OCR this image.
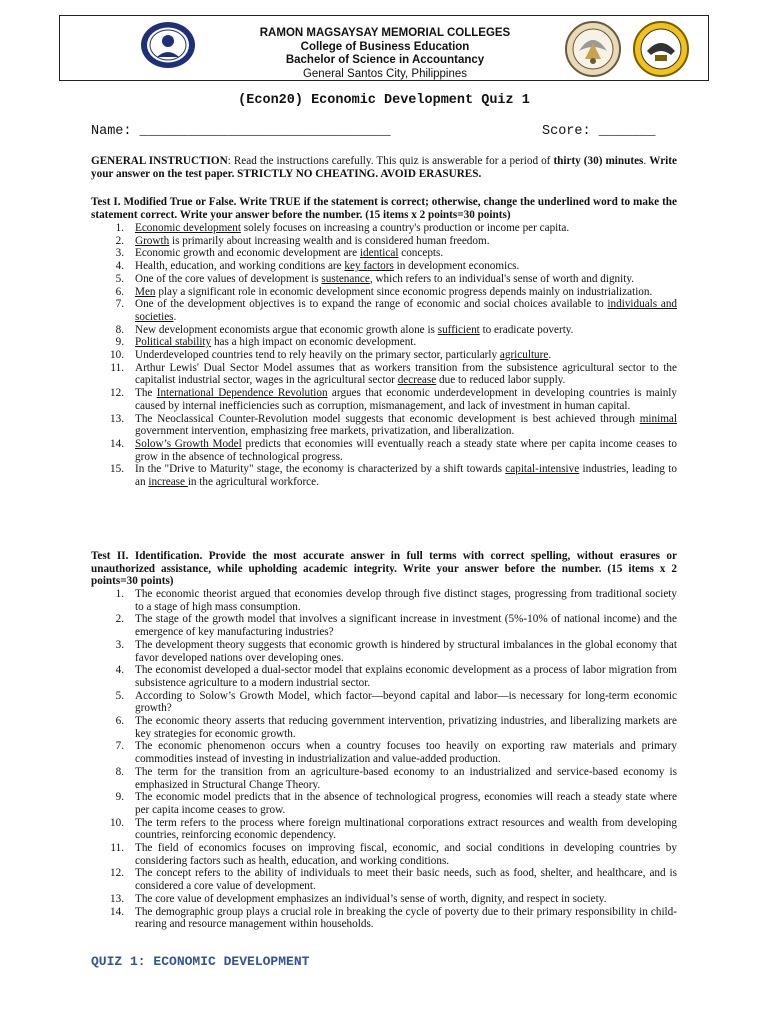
RAMON MAGSAYSAY MEMORIAL COLLEGES
College of Business Education
Bachelor of Science in Accountancy
General Santos City, Philippines
(Econ20) Economic Development Quiz 1
Name: _______________________________	Score: _______
GENERAL INSTRUCTION: Read the instructions carefully. This quiz is answerable for a period of thirty (30) minutes. Write your answer on the test paper. STRICTLY NO CHEATING. AVOID ERASURES.
Test I. Modified True or False. Write TRUE if the statement is correct; otherwise, change the underlined word to make the statement correct. Write your answer before the number. (15 items x 2 points=30 points)
1. Economic development solely focuses on increasing a country's production or income per capita.
2. Growth is primarily about increasing wealth and is considered human freedom.
3. Economic growth and economic development are identical concepts.
4. Health, education, and working conditions are key factors in development economics.
5. One of the core values of development is sustenance, which refers to an individual's sense of worth and dignity.
6. Men play a significant role in economic development since economic progress depends mainly on industrialization.
7. One of the development objectives is to expand the range of economic and social choices available to individuals and societies.
8. New development economists argue that economic growth alone is sufficient to eradicate poverty.
9. Political stability has a high impact on economic development.
10. Underdeveloped countries tend to rely heavily on the primary sector, particularly agriculture.
11. Arthur Lewis' Dual Sector Model assumes that as workers transition from the subsistence agricultural sector to the capitalist industrial sector, wages in the agricultural sector decrease due to reduced labor supply.
12. The International Dependence Revolution argues that economic underdevelopment in developing countries is mainly caused by internal inefficiencies such as corruption, mismanagement, and lack of investment in human capital.
13. The Neoclassical Counter-Revolution model suggests that economic development is best achieved through minimal government intervention, emphasizing free markets, privatization, and liberalization.
14. Solow’s Growth Model predicts that economies will eventually reach a steady state where per capita income ceases to grow in the absence of technological progress.
15. In the "Drive to Maturity" stage, the economy is characterized by a shift towards capital-intensive industries, leading to an increase in the agricultural workforce.
Test II. Identification. Provide the most accurate answer in full terms with correct spelling, without erasures or unauthorized assistance, while upholding academic integrity. Write your answer before the number. (15 items x 2 points=30 points)
1. The economic theorist argued that economies develop through five distinct stages, progressing from traditional society to a stage of high mass consumption.
2. The stage of the growth model that involves a significant increase in investment (5%-10% of national income) and the emergence of key manufacturing industries?
3. The development theory suggests that economic growth is hindered by structural imbalances in the global economy that favor developed nations over developing ones.
4. The economist developed a dual-sector model that explains economic development as a process of labor migration from subsistence agriculture to a modern industrial sector.
5. According to Solow’s Growth Model, which factor—beyond capital and labor—is necessary for long-term economic growth?
6. The economic theory asserts that reducing government intervention, privatizing industries, and liberalizing markets are key strategies for economic growth.
7. The economic phenomenon occurs when a country focuses too heavily on exporting raw materials and primary commodities instead of investing in industrialization and value-added production.
8. The term for the transition from an agriculture-based economy to an industrialized and service-based economy is emphasized in Structural Change Theory.
9. The economic model predicts that in the absence of technological progress, economies will reach a steady state where per capita income ceases to grow.
10. The term refers to the process where foreign multinational corporations extract resources and wealth from developing countries, reinforcing economic dependency.
11. The field of economics focuses on improving fiscal, economic, and social conditions in developing countries by considering factors such as health, education, and working conditions.
12. The concept refers to the ability of individuals to meet their basic needs, such as food, shelter, and healthcare, and is considered a core value of development.
13. The core value of development emphasizes an individual’s sense of worth, dignity, and respect in society.
14. The demographic group plays a crucial role in breaking the cycle of poverty due to their primary responsibility in child-rearing and resource management within households.
QUIZ 1: ECONOMIC DEVELOPMENT
